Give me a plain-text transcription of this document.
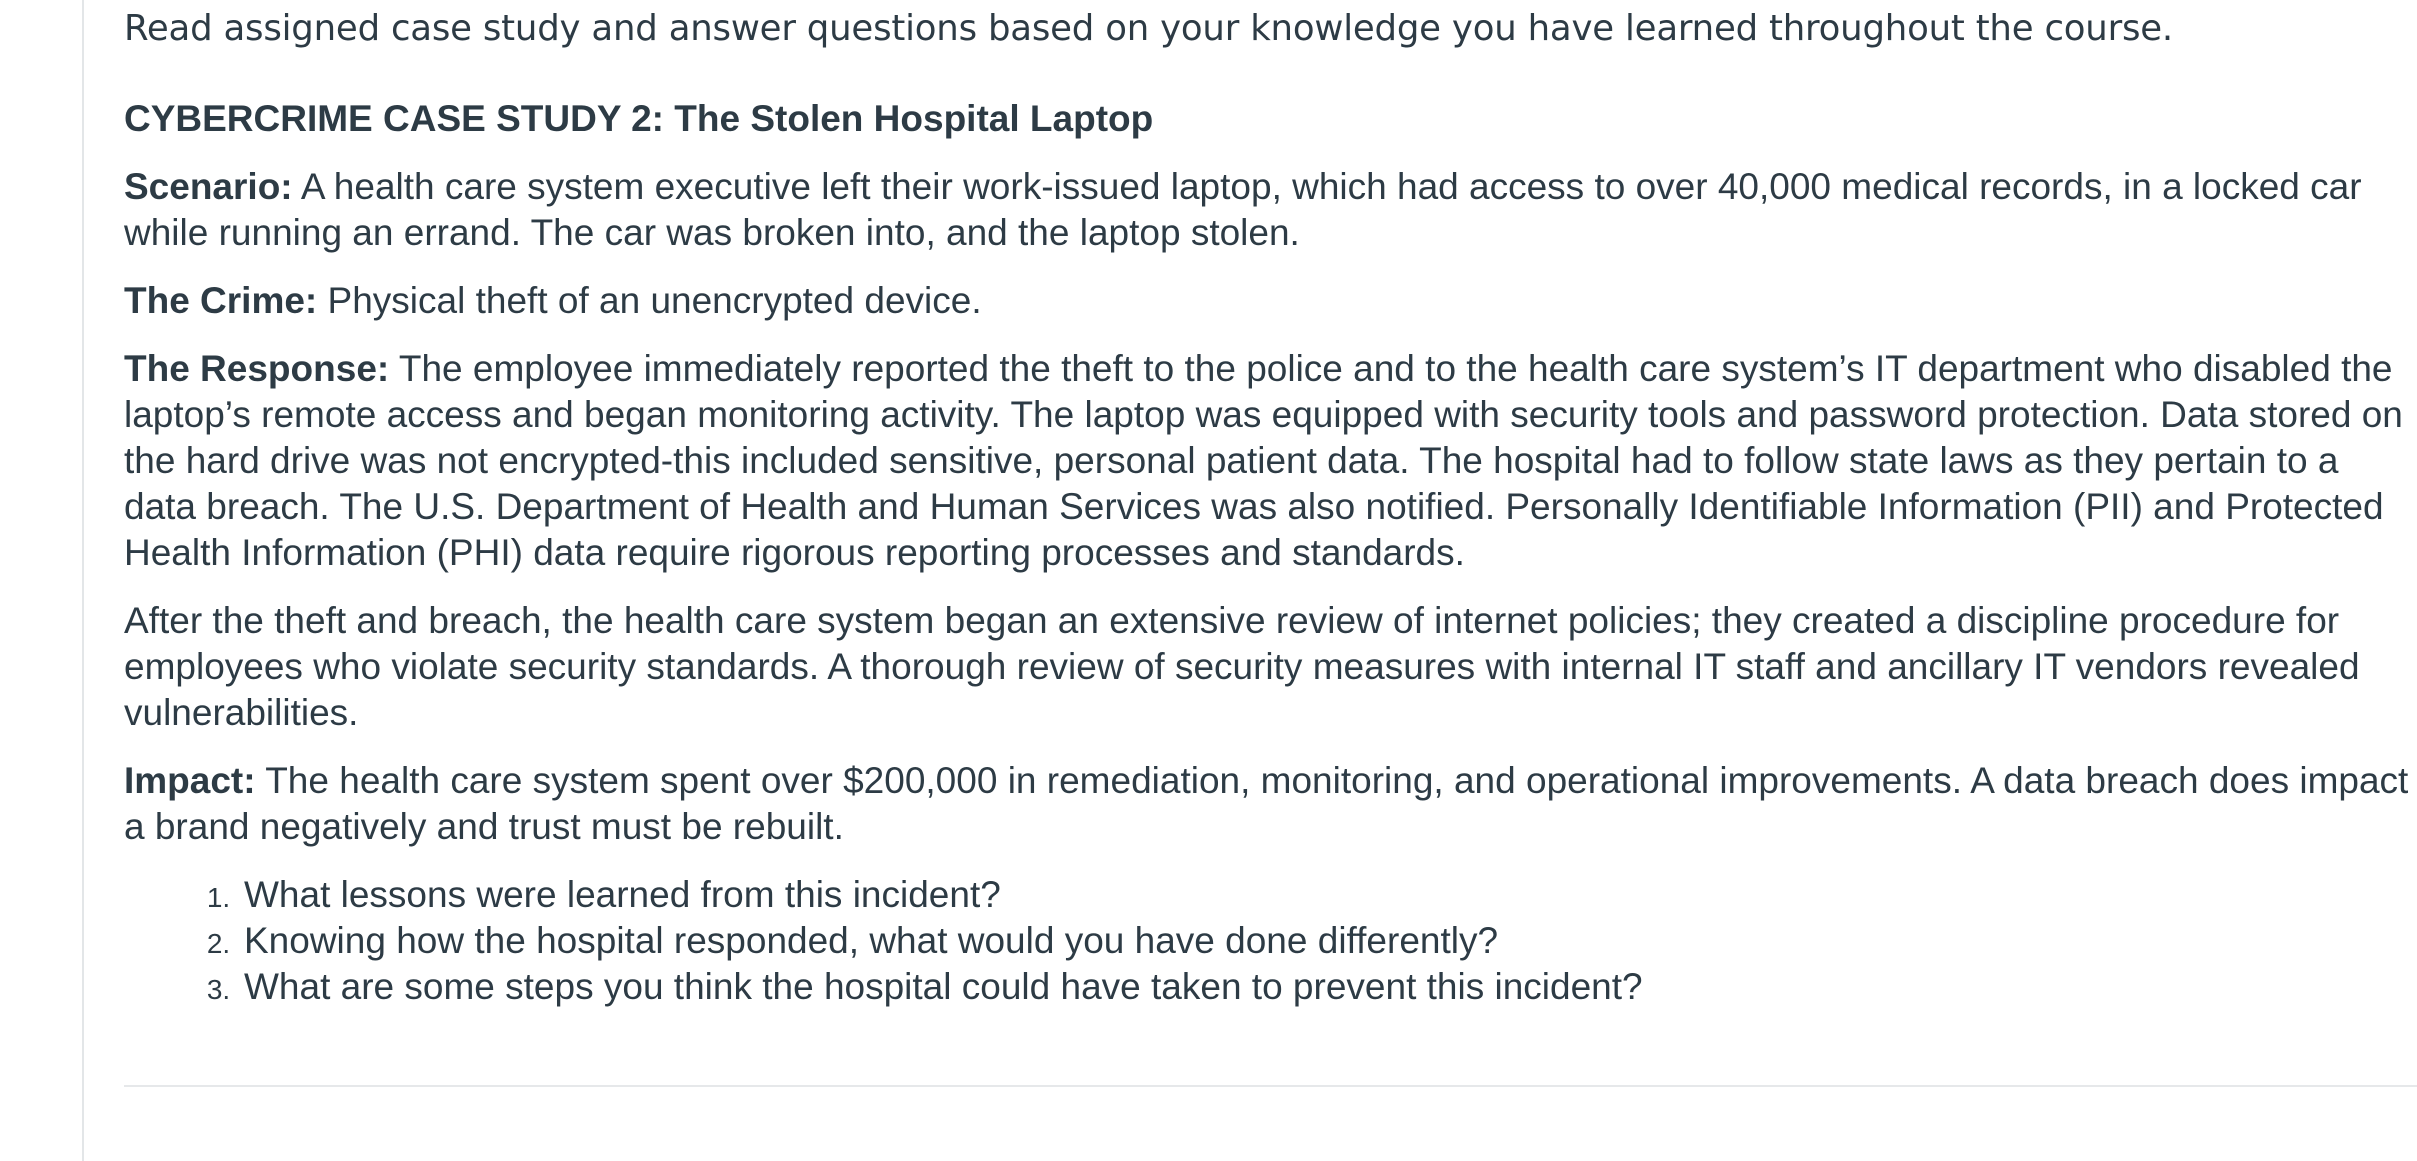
Read assigned case study and answer questions based on your knowledge you have learned throughout the course.

CYBERCRIME CASE STUDY 2: The Stolen Hospital Laptop

Scenario: A health care system executive left their work-issued laptop, which had access to over 40,000 medical records, in a locked car while running an errand. The car was broken into, and the laptop stolen.

The Crime: Physical theft of an unencrypted device.

The Response: The employee immediately reported the theft to the police and to the health care system’s IT department who disabled the laptop’s remote access and began monitoring activity. The laptop was equipped with security tools and password protection. Data stored on the hard drive was not encrypted-this included sensitive, personal patient data. The hospital had to follow state laws as they pertain to a data breach. The U.S. Department of Health and Human Services was also notified. Personally Identifiable Information (PII) and Protected Health Information (PHI) data require rigorous reporting processes and standards.

After the theft and breach, the health care system began an extensive review of internet policies; they created a discipline procedure for employees who violate security standards. A thorough review of security measures with internal IT staff and ancillary IT vendors revealed vulnerabilities.

Impact: The health care system spent over $200,000 in remediation, monitoring, and operational improvements. A data breach does impact a brand negatively and trust must be rebuilt.

1. What lessons were learned from this incident?
2. Knowing how the hospital responded, what would you have done differently?
3. What are some steps you think the hospital could have taken to prevent this incident?
